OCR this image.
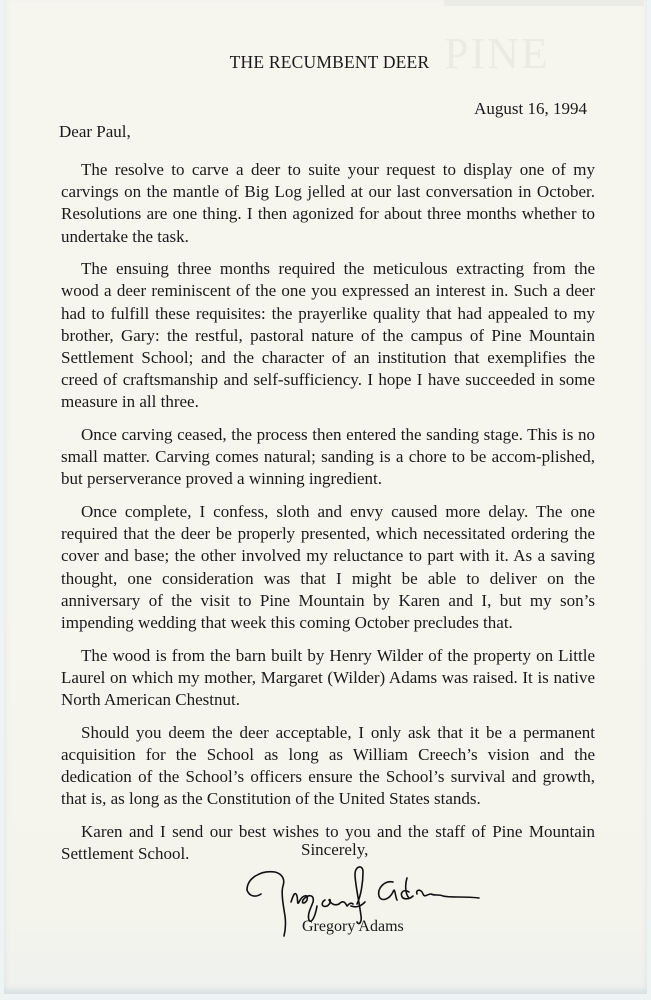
PINE
THE RECUMBENT DEER
August 16, 1994
Dear Paul,

The resolve to carve a deer to suite your request to display one of my carvings on the mantle of Big Log jelled at our last conversation in October. Resolutions are one thing. I then agonized for about three months whether to undertake the task.

The ensuing three months required the meticulous extracting from the wood a deer reminiscent of the one you expressed an interest in. Such a deer had to fulfill these requisites: the prayerlike quality that had appealed to my brother, Gary: the restful, pastoral nature of the campus of Pine Mountain Settlement School; and the character of an institution that exemplifies the creed of craftsmanship and self-sufficiency. I hope I have succeeded in some measure in all three.

Once carving ceased, the process then entered the sanding stage. This is no small matter. Carving comes natural; sanding is a chore to be accom-plished, but perserverance proved a winning ingredient.

Once complete, I confess, sloth and envy caused more delay. The one required that the deer be properly presented, which necessitated ordering the cover and base; the other involved my reluctance to part with it. As a saving thought, one consideration was that I might be able to deliver on the anniversary of the visit to Pine Mountain by Karen and I, but my son’s impending wedding that week this coming October precludes that.

The wood is from the barn built by Henry Wilder of the property on Little Laurel on which my mother, Margaret (Wilder) Adams was raised. It is native North American Chestnut.

Should you deem the deer acceptable, I only ask that it be a permanent acquisition for the School as long as William Creech’s vision and the dedication of the School’s officers ensure the School’s survival and growth, that is, as long as the Constitution of the United States stands.

Karen and I send our best wishes to you and the staff of Pine Mountain Settlement School.	Sincerely,
Gregory Adams
